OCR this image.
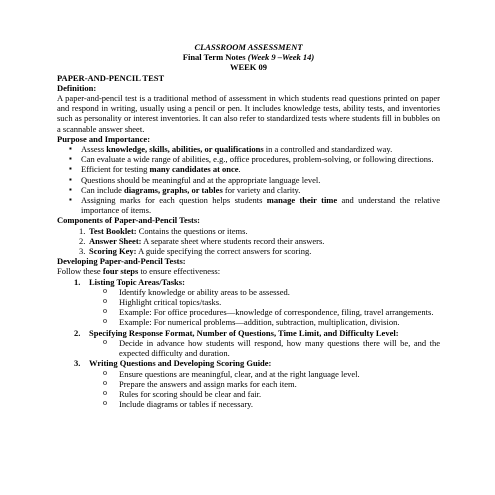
CLASSROOM ASSESSMENT
Final Term Notes (Week 9 –Week 14)
WEEK 09
PAPER-AND-PENCIL TEST
Definition:
A paper-and-pencil test is a traditional method of assessment in which students read questions printed on paper and respond in writing, usually using a pencil or pen. It includes knowledge tests, ability tests, and inventories such as personality or interest inventories. It can also refer to standardized tests where students fill in bubbles on a scannable answer sheet.
Purpose and Importance:
▪ Assess knowledge, skills, abilities, or qualifications in a controlled and standardized way.
▪ Can evaluate a wide range of abilities, e.g., office procedures, problem-solving, or following directions.
▪ Efficient for testing many candidates at once.
▪ Questions should be meaningful and at the appropriate language level.
▪ Can include diagrams, graphs, or tables for variety and clarity.
▪ Assigning marks for each question helps students manage their time and understand the relative importance of items.
Components of Paper-and-Pencil Tests:
1. Test Booklet: Contains the questions or items.
2. Answer Sheet: A separate sheet where students record their answers.
3. Scoring Key: A guide specifying the correct answers for scoring.
Developing Paper-and-Pencil Tests:
Follow these four steps to ensure effectiveness:
1. Listing Topic Areas/Tasks:
o Identify knowledge or ability areas to be assessed.
o Highlight critical topics/tasks.
o Example: For office procedures—knowledge of correspondence, filing, travel arrangements.
o Example: For numerical problems—addition, subtraction, multiplication, division.
2. Specifying Response Format, Number of Questions, Time Limit, and Difficulty Level:
o Decide in advance how students will respond, how many questions there will be, and the expected difficulty and duration.
3. Writing Questions and Developing Scoring Guide:
o Ensure questions are meaningful, clear, and at the right language level.
o Prepare the answers and assign marks for each item.
o Rules for scoring should be clear and fair.
o Include diagrams or tables if necessary.
